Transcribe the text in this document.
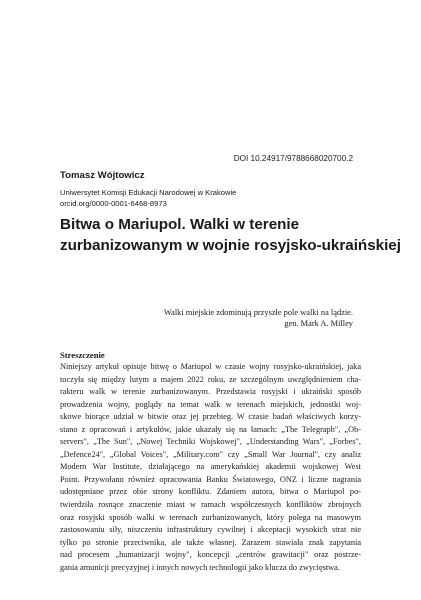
DOI 10.24917/9788668020700.2
Tomasz Wójtowicz
Uniwersytet Komisji Edukacji Narodowej w Krakowie
orcid.org/0000-0001-6468-8973
Bitwa o Mariupol. Walki w terenie
zurbanizowanym w wojnie rosyjsko-ukraińskiej
Walki miejskie zdominują przyszłe pole walki na lądzie.
gen. Mark A. Milley
Streszczenie
Niniejszy artykuł opisuje bitwę o Mariupol w czasie wojny rosyjsko-ukraińskiej, jaka
toczyła się między lutym a majem 2022 roku, ze szczególnym uwzględnieniem cha-
rakteru walk w terenie zurbanizowanym. Przedstawia rosyjski i ukraiński sposób
prowadzenia wojny, poglądy na temat walk w terenach miejskich, jednostki woj-
skowe biorące udział w bitwie oraz jej przebieg. W czasie badań właściwych korzy-
stano z opracowań i artykułów, jakie ukazały się na łamach: „The Telegraph", „Ob-
servers", „The Sun", „Nowej Techniki Wojskowej", „Understanding Wars", „Forbes",
„Defence24", „Global Voices", „Military.com" czy „Small War Journal", czy analiz
Modern War Institute, działającego na amerykańskiej akademii wojskowej West
Point. Przywołano również opracowania Banku Światowego, ONZ i liczne nagrania
udostępniane przez obie strony konfliktu. Zdaniem autora, bitwa o Mariupol po-
twierdziła rosnące znaczenie miast w ramach współczesnych konfliktów zbrojnych
oraz rosyjski sposób walki w terenach zurbanizowanych, który polega na masowym
zastosowaniu siły, niszczeniu infrastruktury cywilnej i akceptacji wysokich strat nie
tylko po stronie przeciwnika, ale także własnej. Zarazem stawiała znak zapytania
nad procesem „humanizacji wojny", koncepcji „centrów grawitacji" oraz postrze-
gania amunicji precyzyjnej i innych nowych technologii jako klucza do zwycięstwa.
